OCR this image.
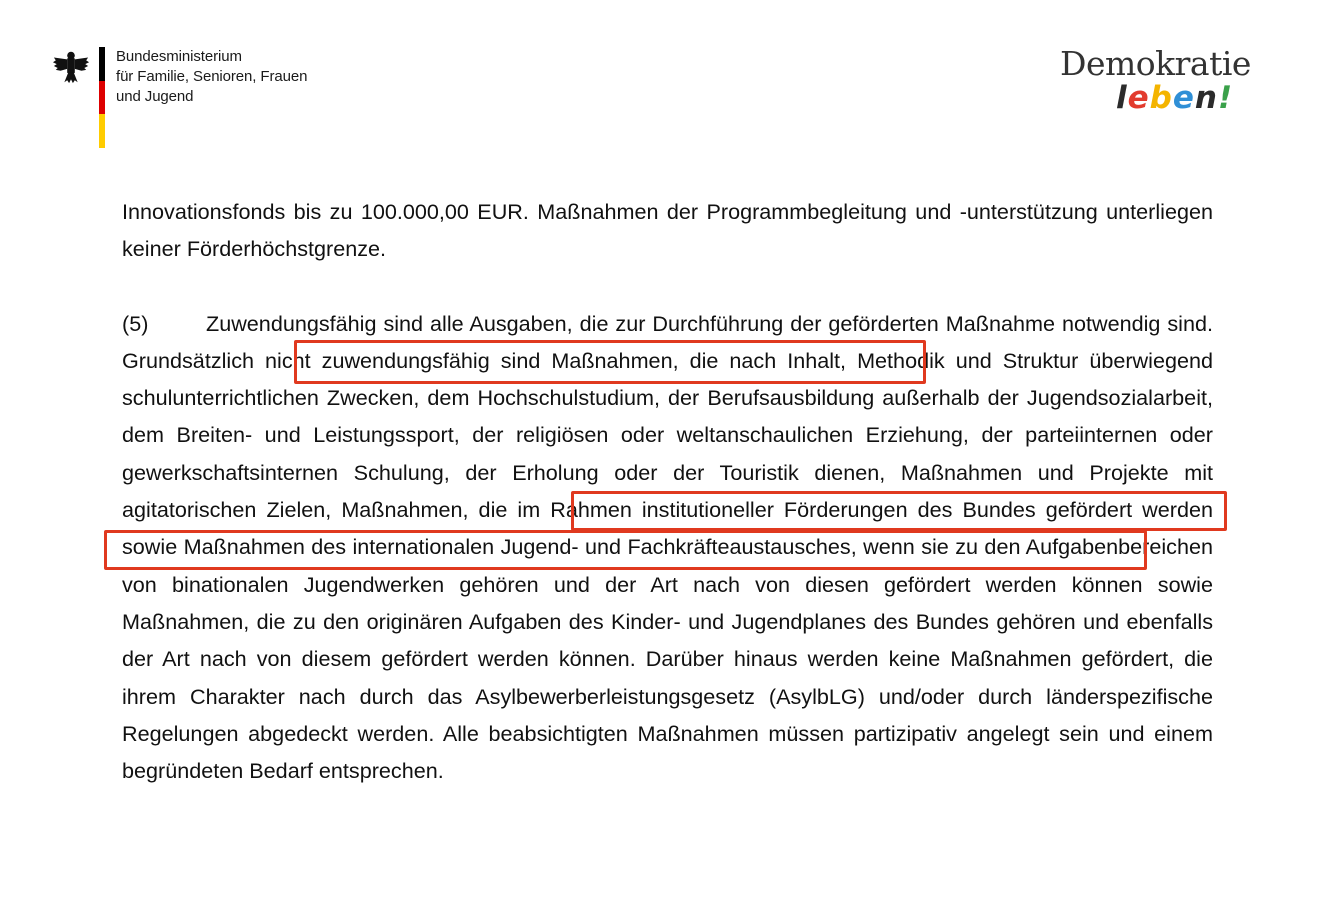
Bundesministerium
für Familie, Senioren, Frauen
und Jugend
Demokratie
leben!

Innovationsfonds bis zu 100.000,00 EUR. Maßnahmen der Programmbegleitung und -unterstützung unterliegen keiner Förderhöchstgrenze.

(5)	Zuwendungsfähig sind alle Ausgaben, die zur Durchführung der geförderten Maßnahme notwendig sind. Grundsätzlich nicht zuwendungsfähig sind Maßnahmen, die nach Inhalt, Methodik und Struktur überwiegend schulunterrichtlichen Zwecken, dem Hochschulstudium, der Berufsausbildung außerhalb der Jugendsozialarbeit, dem Breiten- und Leistungssport, der religiösen oder weltanschaulichen Erziehung, der parteiinternen oder gewerkschaftsinternen Schulung, der Erholung oder der Touristik dienen, Maßnahmen und Projekte mit agitatorischen Zielen, Maßnahmen, die im Rahmen institutioneller Förderungen des Bundes gefördert werden sowie Maßnahmen des internationalen Jugend- und Fachkräfteaustausches, wenn sie zu den Aufgabenbereichen von binationalen Jugendwerken gehören und der Art nach von diesen gefördert werden können sowie Maßnahmen, die zu den originären Aufgaben des Kinder- und Jugendplanes des Bundes gehören und ebenfalls der Art nach von diesem gefördert werden können. Darüber hinaus werden keine Maßnahmen gefördert, die ihrem Charakter nach durch das Asylbewerberleistungsgesetz (AsylbLG) und/oder durch länderspezifische Regelungen abgedeckt werden. Alle beabsichtigten Maßnahmen müssen partizipativ angelegt sein und einem begründeten Bedarf entsprechen.
